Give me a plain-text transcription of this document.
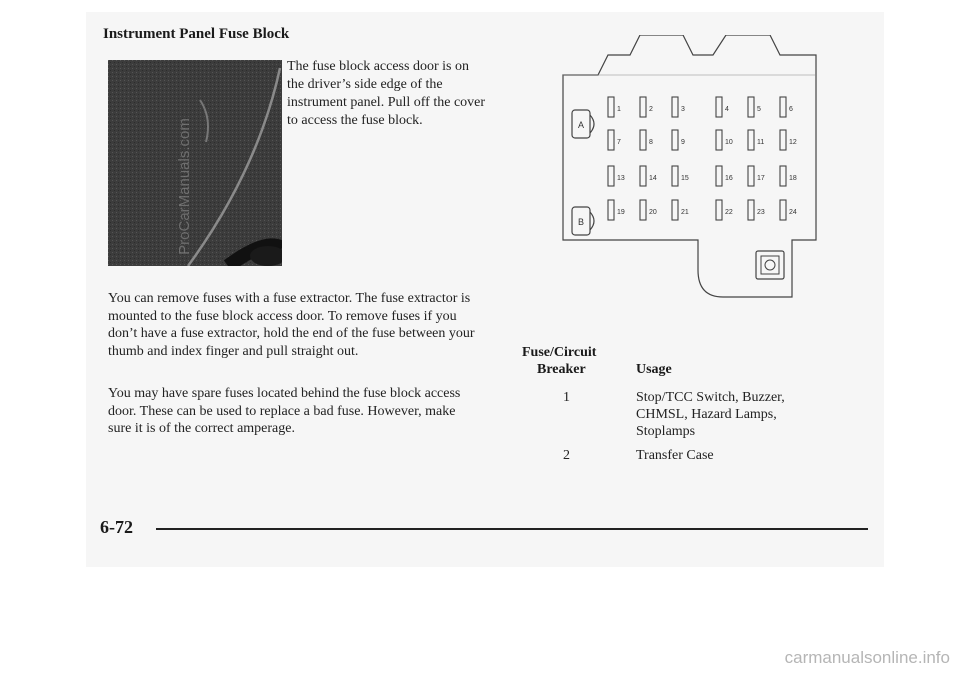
Instrument Panel Fuse Block
The fuse block access door is on the driver’s side edge of the instrument panel. Pull off the cover to access the fuse block.

You can remove fuses with a fuse extractor. The fuse extractor is mounted to the fuse block access door. To remove fuses if you don’t have a fuse extractor, hold the end of the fuse between your thumb and index finger and pull straight out.

You may have spare fuses located behind the fuse block access door. These can be used to replace a bad fuse. However, make sure it is of the correct amperage.

A
B
1	2	3	4	5	6
7	8	9	10	11	12
13	14	15	16	17	18
19	20	21	22	23	24
Fuse/Circuit
Breaker	Usage
1	Stop/TCC Switch, Buzzer,
CHMSL, Hazard Lamps,
Stoplamps
2	Transfer Case
6-72
ProCarManuals.com
carmanualsonline.info
